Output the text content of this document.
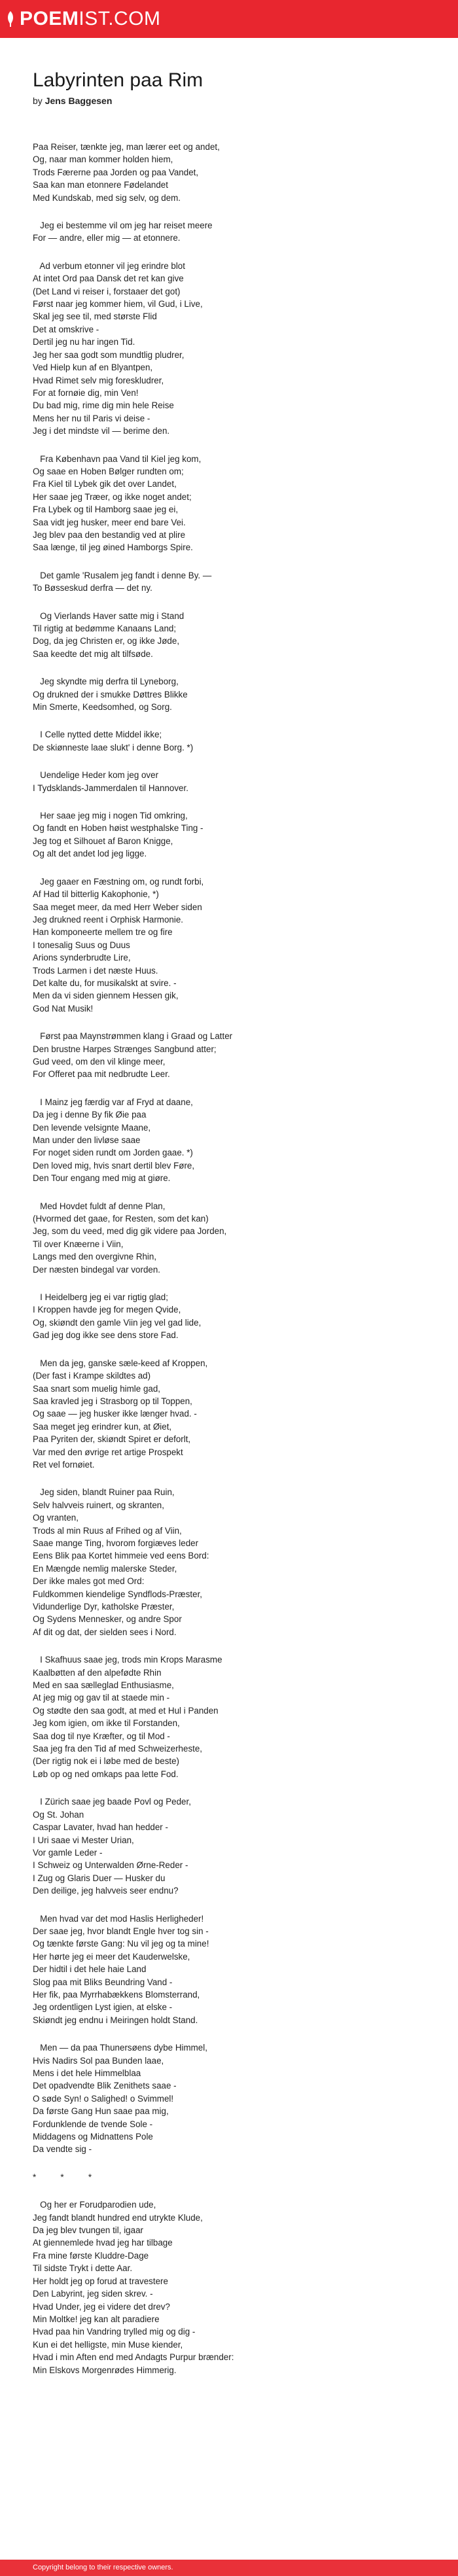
POEMIST.COM
Labyrinten paa Rim
by Jens Baggesen
Paa Reiser, tænkte jeg, man lærer eet og andet,
Og, naar man kommer holden hiem,
Trods Færerne paa Jorden og paa Vandet,
Saa kan man etonnere Fødelandet
Med Kundskab, med sig selv, og dem.
Jeg ei bestemme vil om jeg har reiset meere
For — andre, eller mig — at etonnere.
Ad verbum etonner vil jeg erindre blot
At intet Ord paa Dansk det ret kan give
(Det Land vi reiser i, forstaaer det got)
Først naar jeg kommer hiem, vil Gud, i Live,
Skal jeg see til, med største Flid
Det at omskrive -
Dertil jeg nu har ingen Tid.
Jeg her saa godt som mundtlig pludrer,
Ved Hielp kun af en Blyantpen,
Hvad Rimet selv mig foreskludrer,
For at fornøie dig, min Ven!
Du bad mig, rime dig min hele Reise
Mens her nu til Paris vi deise -
Jeg i det mindste vil — berime den.
Fra København paa Vand til Kiel jeg kom,
Og saae en Hoben Bølger rundten om;
Fra Kiel til Lybek gik det over Landet,
Her saae jeg Træer, og ikke noget andet;
Fra Lybek og til Hamborg saae jeg ei,
Saa vidt jeg husker, meer end bare Vei.
Jeg blev paa den bestandig ved at plire
Saa længe, til jeg øined Hamborgs Spire.
Det gamle 'Rusalem jeg fandt i denne By. —
To Bøsseskud derfra — det ny.
Og Vierlands Haver satte mig i Stand
Til rigtig at bedømme Kanaans Land;
Dog, da jeg Christen er, og ikke Jøde,
Saa keedte det mig alt tilfsøde.
Jeg skyndte mig derfra til Lyneborg,
Og drukned der i smukke Døttres Blikke
Min Smerte, Keedsomhed, og Sorg.
I Celle nytted dette Middel ikke;
De skiønneste laae slukt' i denne Borg. *)
Uendelige Heder kom jeg over
I Tydsklands-Jammerdalen til Hannover.
Her saae jeg mig i nogen Tid omkring,
Og fandt en Hoben høist westphalske Ting -
Jeg tog et Silhouet af Baron Knigge,
Og alt det andet lod jeg ligge.
Jeg gaaer en Fæstning om, og rundt forbi,
Af Had til bitterlig Kakophonie, *)
Saa meget meer, da med Herr Weber siden
Jeg drukned reent i Orphisk Harmonie.
Han komponeerte mellem tre og fire
I tonesalig Suus og Duus
Arions synderbrudte Lire,
Trods Larmen i det næste Huus.
Det kalte du, for musikalskt at svire. -
Men da vi siden giennem Hessen gik,
God Nat Musik!
Først paa Maynstrømmen klang i Graad og Latter
Den brustne Harpes Strænges Sangbund atter;
Gud veed, om den vil klinge meer,
For Offeret paa mit nedbrudte Leer.
I Mainz jeg færdig var af Fryd at daane,
Da jeg i denne By fik Øie paa
Den levende velsignte Maane,
Man under den livløse saae
For noget siden rundt om Jorden gaae. *)
Den loved mig, hvis snart dertil blev Føre,
Den Tour engang med mig at giøre.
Med Hovdet fuldt af denne Plan,
(Hvormed det gaae, for Resten, som det kan)
Jeg, som du veed, med dig gik videre paa Jorden,
Til over Knæerne i Viin,
Langs med den overgivne Rhin,
Der næsten bindegal var vorden.
I Heidelberg jeg ei var rigtig glad;
I Kroppen havde jeg for megen Qvide,
Og, skiøndt den gamle Viin jeg vel gad lide,
Gad jeg dog ikke see dens store Fad.
Men da jeg, ganske sæle-keed af Kroppen,
(Der fast i Krampe skildtes ad)
Saa snart som muelig himle gad,
Saa kravled jeg i Strasborg op til Toppen,
Og saae — jeg husker ikke længer hvad. -
Saa meget jeg erindrer kun, at Øiet,
Paa Pyriten der, skiøndt Spiret er deforlt,
Var med den øvrige ret artige Prospekt
Ret vel fornøiet.
Jeg siden, blandt Ruiner paa Ruin,
Selv halvveis ruinert, og skranten,
Og vranten,
Trods al min Ruus af Frihed og af Viin,
Saae mange Ting, hvorom forgiæves leder
Eens Blik paa Kortet himmeie ved eens Bord:
En Mængde nemlig malerske Steder,
Der ikke males got med Ord:
Fuldkommen kiendelige Syndflods-Præster,
Vidunderlige Dyr, katholske Præster,
Og Sydens Mennesker, og andre Spor
Af dit og dat, der sielden sees i Nord.
I Skafhuus saae jeg, trods min Krops Marasme
Kaalbøtten af den alpefødte Rhin
Med en saa sælleglad Enthusiasme,
At jeg mig og gav til at staede min -
Og stødte den saa godt, at med et Hul i Panden
Jeg kom igien, om ikke til Forstanden,
Saa dog til nye Kræfter, og til Mod -
Saa jeg fra den Tid af med Schweizerheste,
(Der rigtig nok ei i løbe med de beste)
Løb op og ned omkaps paa lette Fod.
I Zürich saae jeg baade Povl og Peder,
Og St. Johan
Caspar Lavater, hvad han hedder -
I Uri saae vi Mester Urian,
Vor gamle Leder -
I Schweiz og Unterwalden Ørne-Reder -
I Zug og Glaris Duer — Husker du
Den deilige, jeg halvveis seer endnu?
Men hvad var det mod Haslis Herligheder!
Der saae jeg, hvor blandt Engle hver tog sin -
Og tænkte første Gang: Nu vil jeg og ta mine!
Her hørte jeg ei meer det Kauderwelske,
Der hidtil i det hele haie Land
Slog paa mit Bliks Beundring Vand -
Her fik, paa Myrrhabækkens Blomsterrand,
Jeg ordentligen Lyst igien, at elske -
Skiøndt jeg endnu i Meiringen holdt Stand.
Men — da paa Thunersøens dybe Himmel,
Hvis Nadirs Sol paa Bunden laae,
Mens i det hele Himmelblaa
Det opadvendte Blik Zenithets saae -
O søde Syn! o Salighed! o Svimmel!
Da første Gang Hun saae paa mig,
Fordunklende de tvende Sole -
Middagens og Midnattens Pole
Da vendte sig -
*          *          *
Og her er Forudparodien ude,
Jeg fandt blandt hundred end utrykte Klude,
Da jeg blev tvungen til, igaar
At giennemlede hvad jeg har tilbage
Fra mine første Kluddre-Dage
Til sidste Trykt i dette Aar.
Her holdt jeg op forud at travestere
Den Labyrint, jeg siden skrev. -
Hvad Under, jeg ei videre det drev?
Min Moltke! jeg kan alt paradiere
Hvad paa hin Vandring trylled mig og dig -
Kun ei det helligste, min Muse kiender,
Hvad i min Aften end med Andagts Purpur brænder:
Min Elskovs Morgenrødes Himmerig.
Copyright belong to their respective owners.
